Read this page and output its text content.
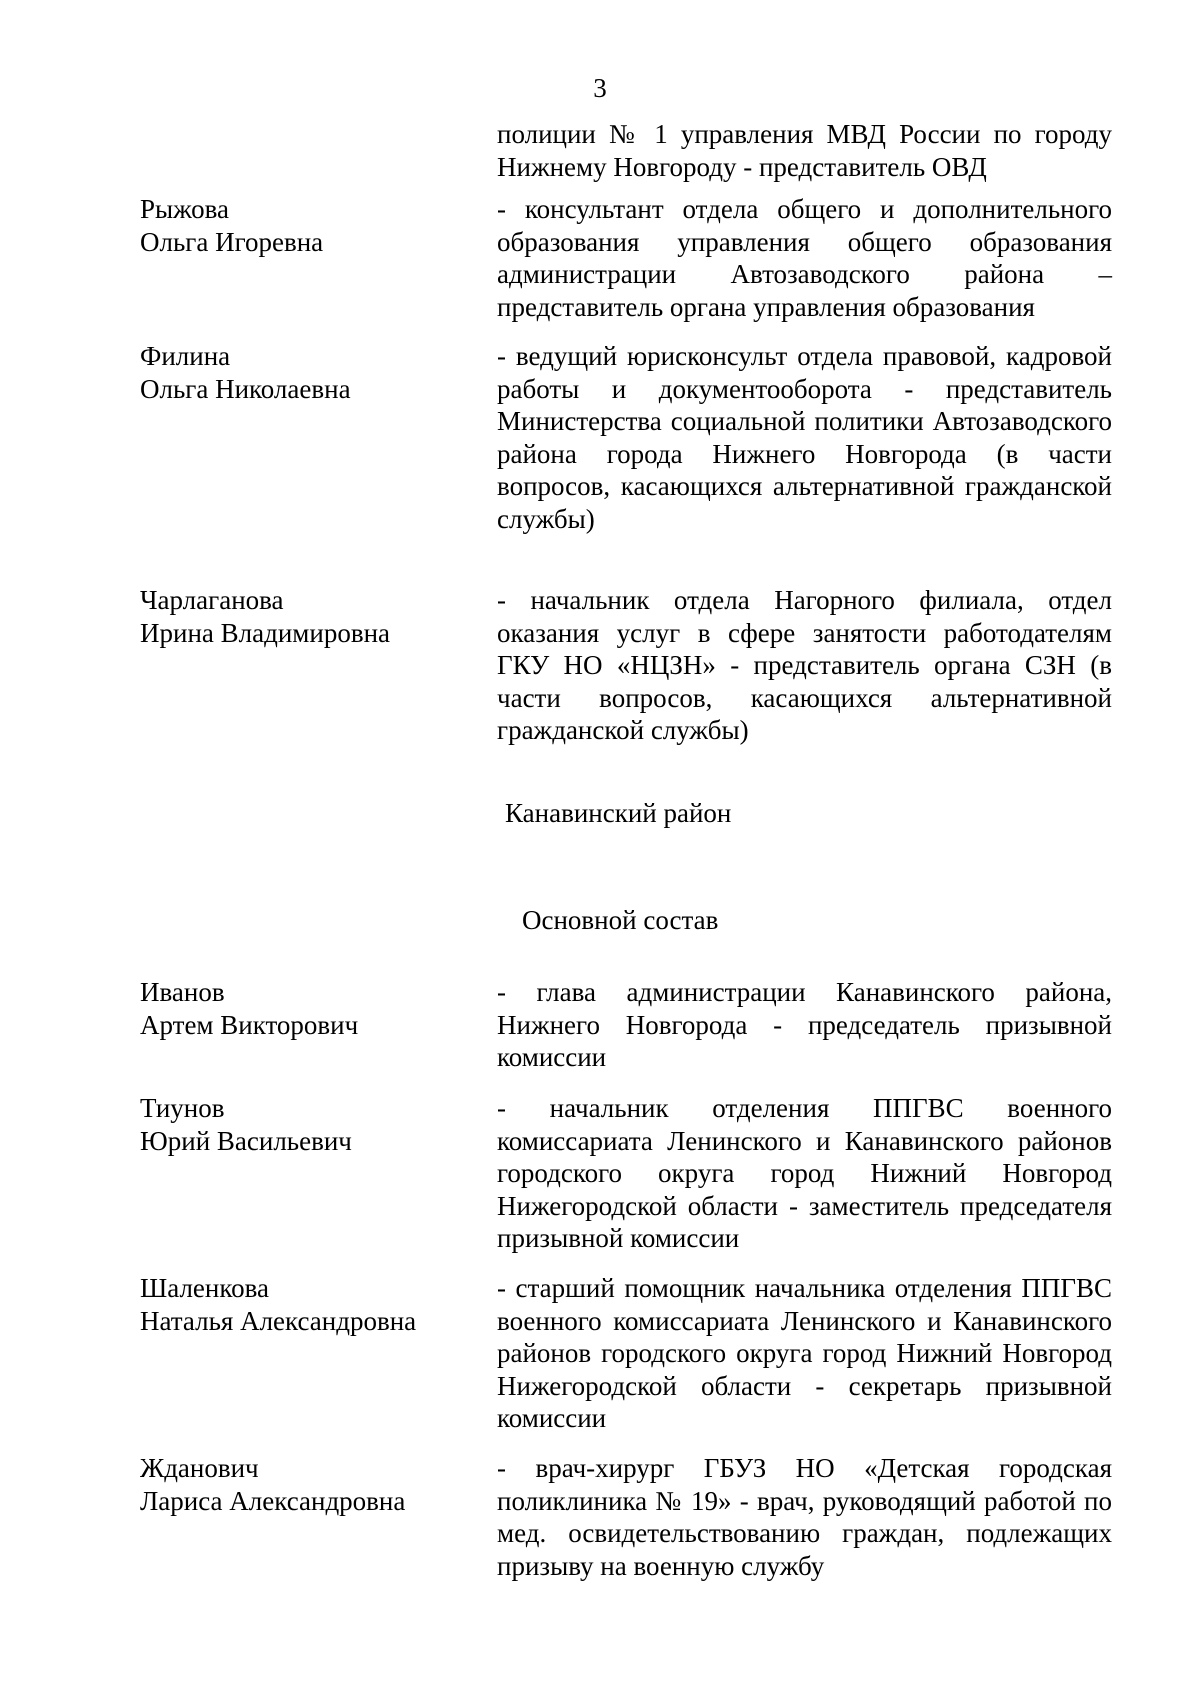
3
полиции № 1 управления МВД России по городу Нижнему Новгороду - представитель ОВД
Рыжова
Ольга Игоревна
- консультант отдела общего и дополнительного образования управления общего образования администрации Автозаводского района – представитель органа управления образования
Филина
Ольга Николаевна
- ведущий юрисконсульт отдела правовой, кадровой работы и документооборота - представитель Министерства социальной политики Автозаводского района города Нижнего Новгорода (в части вопросов, касающихся альтернативной гражданской службы)
Чарлаганова
Ирина Владимировна
- начальник отдела Нагорного филиала, отдел оказания услуг в сфере занятости работодателям ГКУ НО «НЦЗН» - представитель органа СЗН (в части вопросов, касающихся альтернативной гражданской службы)
Канавинский район
Основной состав
Иванов
Артем Викторович
- глава администрации Канавинского района, Нижнего Новгорода - председатель призывной комиссии
Тиунов
Юрий Васильевич
- начальник отделения ППГВС военного комиссариата Ленинского и Канавинского районов городского округа город Нижний Новгород Нижегородской области - заместитель председателя призывной комиссии
Шаленкова
Наталья Александровна
- старший помощник начальника отделения ППГВС военного комиссариата Ленинского и Канавинского районов городского округа город Нижний Новгород Нижегородской области - секретарь призывной комиссии
Жданович
Лариса Александровна
- врач-хирург ГБУЗ НО «Детская городская поликлиника № 19» - врач, руководящий работой по мед. освидетельствованию граждан, подлежащих призыву на военную службу
